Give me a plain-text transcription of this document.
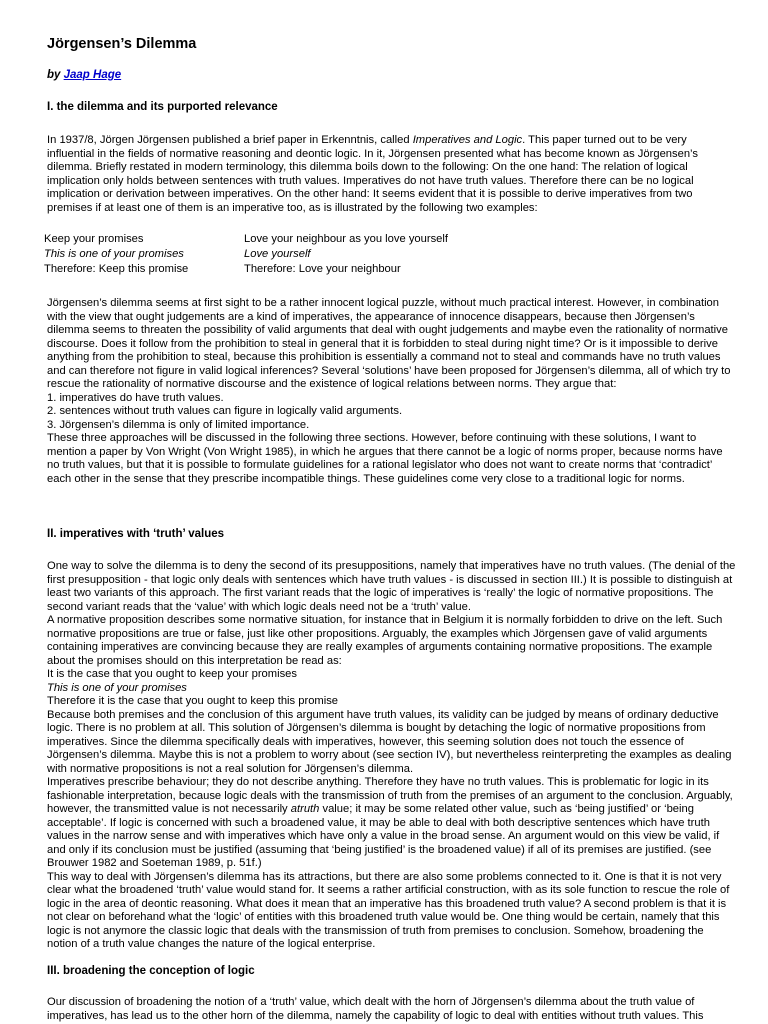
Jörgensen’s Dilemma

by Jaap Hage

I. the dilemma and its purported relevance

In 1937/8, Jörgen Jörgensen published a brief paper in Erkenntnis, called Imperatives and Logic. This paper turned out to be very influential in the fields of normative reasoning and deontic logic. In it, Jörgensen presented what has become known as Jörgensen’s dilemma. Briefly restated in modern terminology, this dilemma boils down to the following: On the one hand: The relation of logical implication only holds between sentences with truth values. Imperatives do not have truth values. Therefore there can be no logical implication or derivation between imperatives. On the other hand: It seems evident that it is possible to derive imperatives from two premises if at least one of them is an imperative too, as is illustrated by the following two examples:

Keep your promises	Love your neighbour as you love yourself
This is one of your promises	Love yourself
Therefore: Keep this promise	Therefore: Love your neighbour
Jörgensen’s dilemma seems at first sight to be a rather innocent logical puzzle, without much practical interest. However, in combination with the view that ought judgements are a kind of imperatives, the appearance of innocence disappears, because then Jörgensen’s dilemma seems to threaten the possibility of valid arguments that deal with ought judgements and maybe even the rationality of normative discourse. Does it follow from the prohibition to steal in general that it is forbidden to steal during night time? Or is it impossible to derive anything from the prohibition to steal, because this prohibition is essentially a command not to steal and commands have no truth values and can therefore not figure in valid logical inferences? Several ‘solutions’ have been proposed for Jörgensen’s dilemma, all of which try to rescue the rationality of normative discourse and the existence of logical relations between norms. They argue that:
1. imperatives do have truth values.
2. sentences without truth values can figure in logically valid arguments.
3. Jörgensen’s dilemma is only of limited importance.
These three approaches will be discussed in the following three sections. However, before continuing with these solutions, I want to mention a paper by Von Wright (Von Wright 1985), in which he argues that there cannot be a logic of norms proper, because norms have no truth values, but that it is possible to formulate guidelines for a rational legislator who does not want to create norms that ‘contradict’ each other in the sense that they prescribe incompatible things. These guidelines come very close to a traditional logic for norms.

II. imperatives with ‘truth’ values

One way to solve the dilemma is to deny the second of its presuppositions, namely that imperatives have no truth values. (The denial of the first presupposition - that logic only deals with sentences which have truth values - is discussed in section III.) It is possible to distinguish at least two variants of this approach. The first variant reads that the logic of imperatives is ‘really’ the logic of normative propositions. The second variant reads that the ‘value’ with which logic deals need not be a ‘truth’ value.
A normative proposition describes some normative situation, for instance that in Belgium it is normally forbidden to drive on the left. Such normative propositions are true or false, just like other propositions. Arguably, the examples which Jörgensen gave of valid arguments containing imperatives are convincing because they are really examples of arguments containing normative propositions. The example about the promises should on this interpretation be read as:
It is the case that you ought to keep your promises
This is one of your promises
Therefore it is the case that you ought to keep this promise
Because both premises and the conclusion of this argument have truth values, its validity can be judged by means of ordinary deductive logic. There is no problem at all. This solution of Jörgensen’s dilemma is bought by detaching the logic of normative propositions from imperatives. Since the dilemma specifically deals with imperatives, however, this seeming solution does not touch the essence of Jörgensen’s dilemma. Maybe this is not a problem to worry about (see section IV), but nevertheless reinterpreting the examples as dealing with normative propositions is not a real solution for Jörgensen’s dilemma.
Imperatives prescribe behaviour; they do not describe anything. Therefore they have no truth values. This is problematic for logic in its fashionable interpretation, because logic deals with the transmission of truth from the premises of an argument to the conclusion. Arguably, however, the transmitted value is not necessarily atruth value; it may be some related other value, such as ‘being justified’ or ‘being acceptable’. If logic is concerned with such a broadened value, it may be able to deal with both descriptive sentences which have truth values in the narrow sense and with imperatives which have only a value in the broad sense. An argument would on this view be valid, if and only if its conclusion must be justified (assuming that ‘being justified’ is the broadened value) if all of its premises are justified. (see Brouwer 1982 and Soeteman 1989, p. 51f.)
This way to deal with Jörgensen’s dilemma has its attractions, but there are also some problems connected to it. One is that it is not very clear what the broadened ‘truth’ value would stand for. It seems a rather artificial construction, with as its sole function to rescue the role of logic in the area of deontic reasoning. What does it mean that an imperative has this broadened truth value? A second problem is that it is not clear on beforehand what the ‘logic’ of entities with this broadened truth value would be. One thing would be certain, namely that this logic is not anymore the classic logic that deals with the transmission of truth from premises to conclusion. Somehow, broadening the notion of a truth value changes the nature of the logical enterprise.

III. broadening the conception of logic

Our discussion of broadening the notion of a ‘truth’ value, which dealt with the horn of Jörgensen’s dilemma about the truth value of imperatives, has lead us to the other horn of the dilemma, namely the capability of logic to deal with entities without truth values. This
